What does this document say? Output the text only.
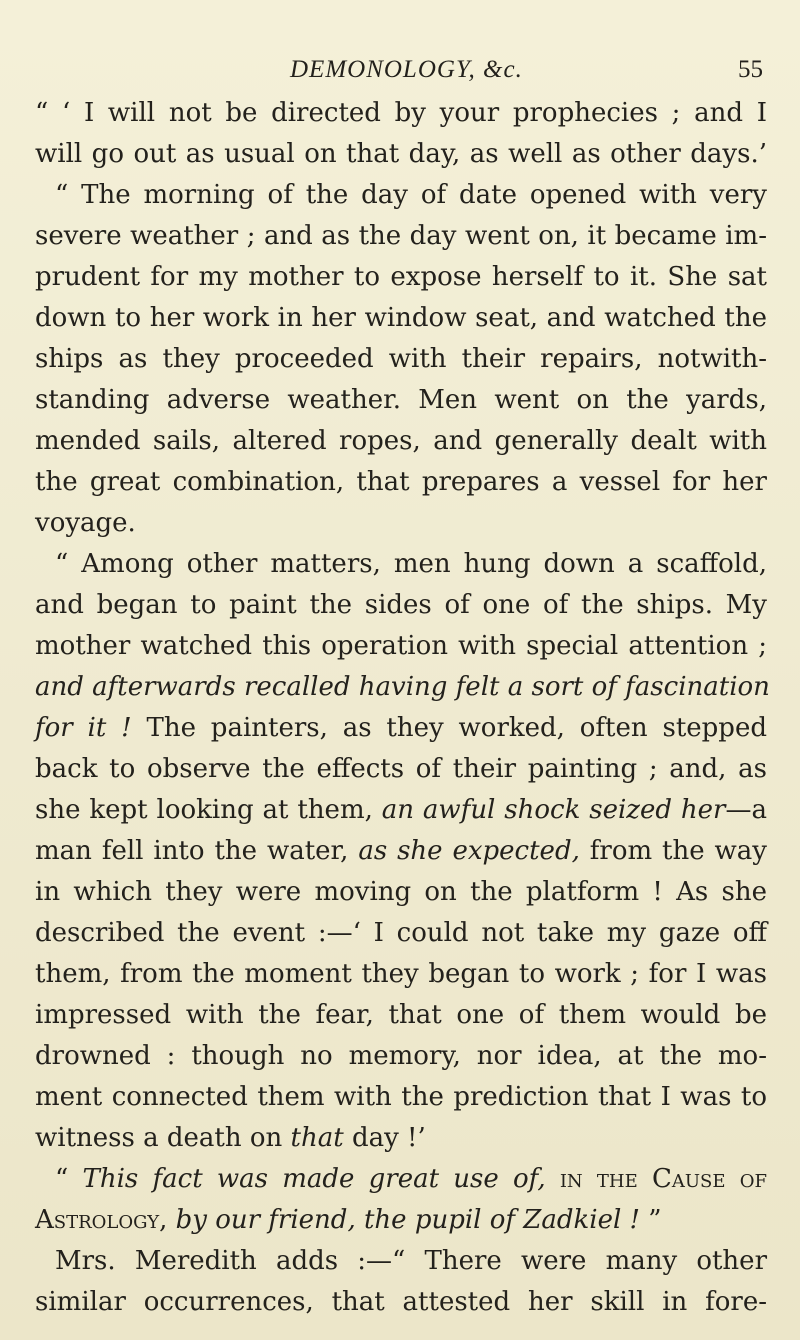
DEMONOLOGY, &c.	55
“ ‘ I will not be directed by your prophecies ; and I
will go out as usual on that day, as well as other days.’
“ The morning of the day of date opened with very
severe weather ; and as the day went on, it became im-
prudent for my mother to expose herself to it. She sat
down to her work in her window seat, and watched the
ships as they proceeded with their repairs, notwith-
standing adverse weather. Men went on the yards,
mended sails, altered ropes, and generally dealt with
the great combination, that prepares a vessel for her
voyage.
“ Among other matters, men hung down a scaffold,
and began to paint the sides of one of the ships. My
mother watched this operation with special attention ;
and afterwards recalled having felt a sort of fascination
for it ! The painters, as they worked, often stepped
back to observe the effects of their painting ; and, as
she kept looking at them, an awful shock seized her—a
man fell into the water, as she expected, from the way
in which they were moving on the platform ! As she
described the event :—‘ I could not take my gaze off
them, from the moment they began to work ; for I was
impressed with the fear, that one of them would be
drowned : though no memory, nor idea, at the mo-
ment connected them with the prediction that I was to
witness a death on that day !’
“ This fact was made great use of, in the Cause of
Astrology, by our friend, the pupil of Zadkiel ! ”
Mrs. Meredith adds :—“ There were many other
similar occurrences, that attested her skill in fore-
